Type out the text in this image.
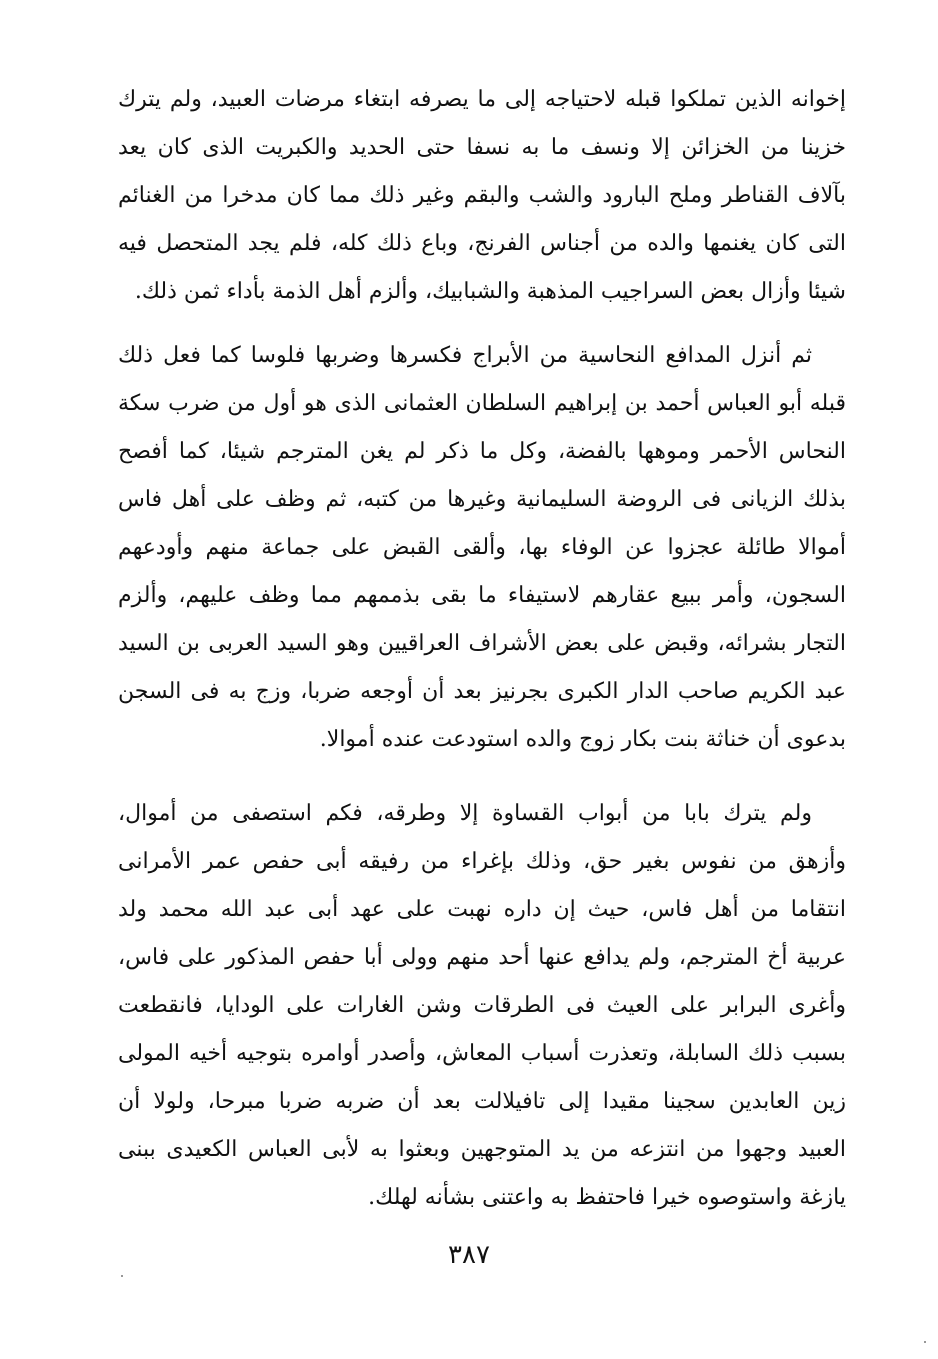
إخوانه الذين تملكوا قبله لاحتياجه إلى ما يصرفه ابتغاء مرضات العبيد، ولم يترك
خزينا من الخزائن إلا ونسف ما به نسفا حتى الحديد والكبريت الذى كان يعد
بآلاف القناطر وملح البارود والشب والبقم وغير ذلك مما كان مدخرا من الغنائم
التى كان يغنمها والده من أجناس الفرنج، وباع ذلك كله، فلم يجد المتحصل فيه
شيئا وأزال بعض السراجيب المذهبة والشبابيك، وألزم أهل الذمة بأداء ثمن ذلك.
ثم أنزل المدافع النحاسية من الأبراج فكسرها وضربها فلوسا كما فعل ذلك
قبله أبو العباس أحمد بن إبراهيم السلطان العثمانى الذى هو أول من ضرب سكة
النحاس الأحمر وموهها بالفضة، وكل ما ذكر لم يغن المترجم شيئا، كما أفصح
بذلك الزيانى فى الروضة السليمانية وغيرها من كتبه، ثم وظف على أهل فاس
أموالا طائلة عجزوا عن الوفاء بها، وألقى القبض على جماعة منهم وأودعهم
السجون، وأمر ببيع عقارهم لاستيفاء ما بقى بذممهم مما وظف عليهم، وألزم
التجار بشرائه، وقبض على بعض الأشراف العراقيين وهو السيد العربى بن السيد
عبد الكريم صاحب الدار الكبرى بجرنيز بعد أن أوجعه ضربا، وزج به فى السجن
بدعوى أن خناثة بنت بكار زوج والده استودعت عنده أموالا.
ولم يترك بابا من أبواب القساوة إلا وطرقه، فكم استصفى من أموال،
وأزهق من نفوس بغير حق، وذلك بإغراء من رفيقه أبى حفص عمر الأمرانى
انتقاما من أهل فاس، حيث إن داره نهبت على عهد أبى عبد الله محمد ولد
عربية أخ المترجم، ولم يدافع عنها أحد منهم وولى أبا حفص المذكور على فاس،
وأغرى البرابر على العيث فى الطرقات وشن الغارات على الودايا، فانقطعت
بسبب ذلك السابلة، وتعذرت أسباب المعاش، وأصدر أوامره بتوجيه أخيه المولى
زين العابدين سجينا مقيدا إلى تافيلالت بعد أن ضربه ضربا مبرحا، ولولا أن
العبيد وجهوا من انتزعه من يد المتوجهين وبعثوا به لأبى العباس الكعيدى ببنى
يازغة واستوصوه خيرا فاحتفظ به واعتنى بشأنه لهلك.
٣٨٧
